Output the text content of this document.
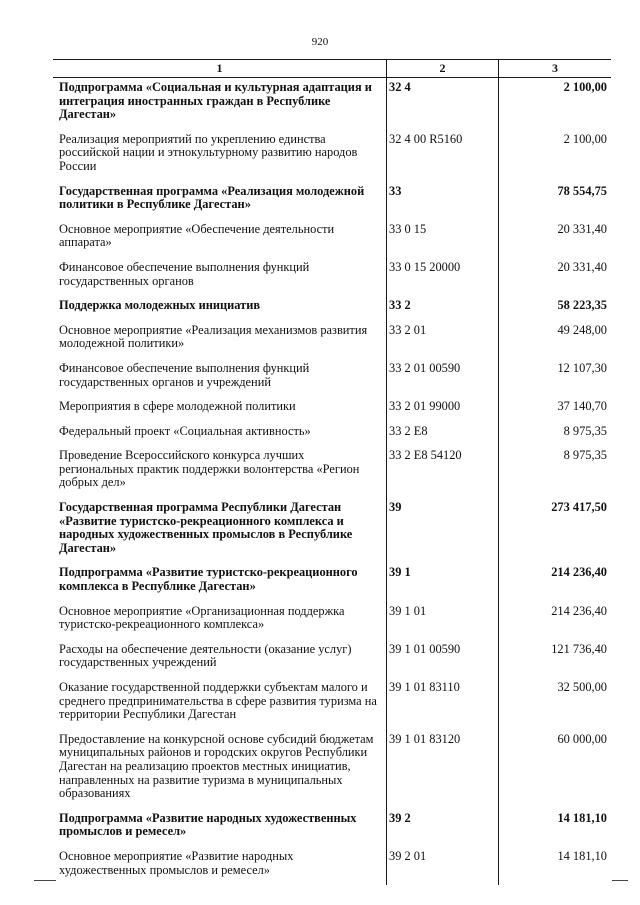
920
1	2	3
Подпрограмма «Социальная и культурная адаптация и интеграция иностранных граждан в Республике Дагестан»	32 4	2 100,00
Реализация мероприятий по укреплению единства российской нации и этнокультурному развитию народов России	32 4 00 R5160	2 100,00
Государственная программа «Реализация молодежной политики в Республике Дагестан»	33	78 554,75
Основное мероприятие «Обеспечение деятельности аппарата»	33 0 15	20 331,40
Финансовое обеспечение выполнения функций государственных органов	33 0 15 20000	20 331,40
Поддержка молодежных инициатив	33 2	58 223,35
Основное мероприятие «Реализация механизмов развития молодежной политики»	33 2 01	49 248,00
Финансовое обеспечение выполнения функций государственных органов и учреждений	33 2 01 00590	12 107,30
Мероприятия в сфере молодежной политики	33 2 01 99000	37 140,70
Федеральный проект «Социальная активность»	33 2 E8	8 975,35
Проведение Всероссийского конкурса лучших региональных практик поддержки волонтерства «Регион добрых дел»	33 2 E8 54120	8 975,35
Государственная программа Республики Дагестан «Развитие туристско-рекреационного комплекса и народных художественных промыслов в Республике Дагестан»	39	273 417,50
Подпрограмма «Развитие туристско-рекреационного комплекса в Республике Дагестан»	39 1	214 236,40
Основное мероприятие «Организационная поддержка туристско-рекреационного комплекса»	39 1 01	214 236,40
Расходы на обеспечение деятельности (оказание услуг) государственных учреждений	39 1 01 00590	121 736,40
Оказание государственной поддержки субъектам малого и среднего предпринимательства в сфере развития туризма на территории Республики Дагестан	39 1 01 83110	32 500,00
Предоставление на конкурсной основе субсидий бюджетам муниципальных районов и городских округов Республики Дагестан на реализацию проектов местных инициатив, направленных на развитие туризма в муниципальных образованиях	39 1 01 83120	60 000,00
Подпрограмма «Развитие народных художественных промыслов и ремесел»	39 2	14 181,10
Основное мероприятие «Развитие народных художественных промыслов и ремесел»	39 2 01	14 181,10
